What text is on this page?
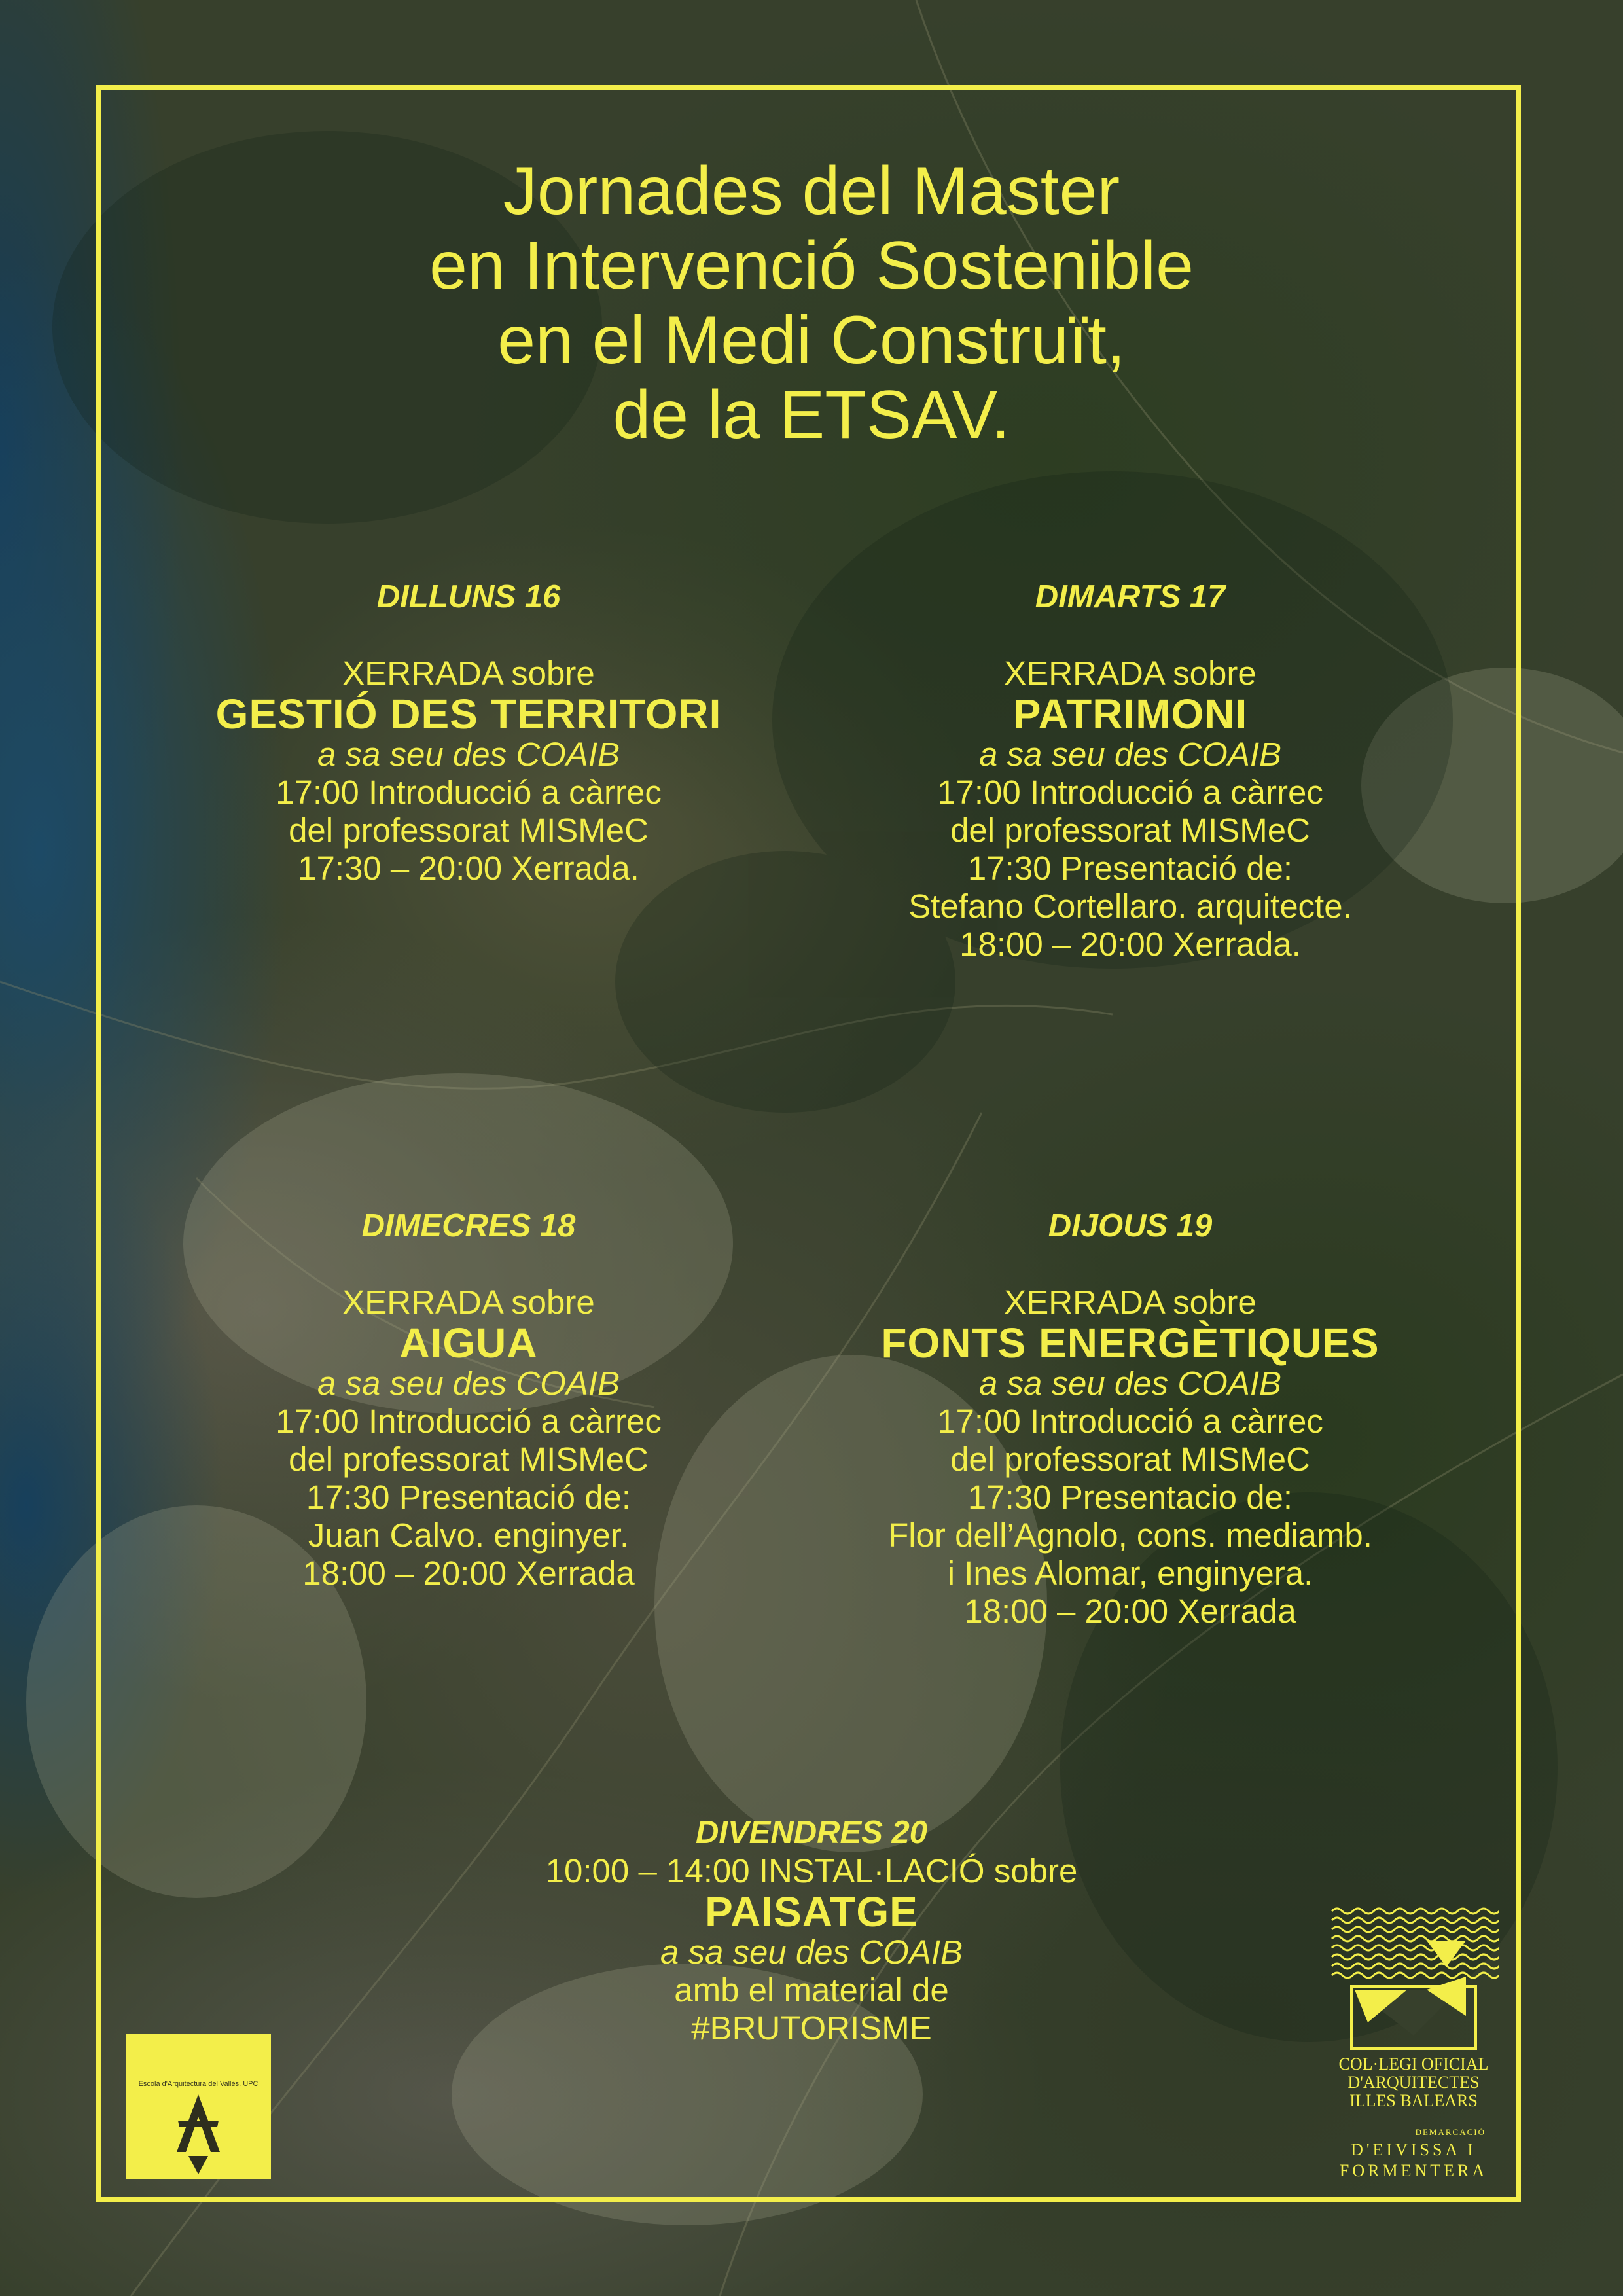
Jornades del Master
en Intervenció Sostenible
en el Medi Construït,
de la ETSAV.
DILLUNS 16
XERRADA sobre
GESTIÓ DES TERRITORI
a sa seu des COAIB
17:00 Introducció a càrrec
del professorat MISMeC
17:30 – 20:00 Xerrada.
DIMARTS 17
XERRADA sobre
PATRIMONI
a sa seu des COAIB
17:00 Introducció a càrrec
del professorat MISMeC
17:30 Presentació de:
Stefano Cortellaro. arquitecte.
18:00 – 20:00 Xerrada.
DIMECRES 18
XERRADA sobre
AIGUA
a sa seu des COAIB
17:00 Introducció a càrrec
del professorat MISMeC
17:30 Presentació de:
Juan Calvo. enginyer.
18:00 – 20:00 Xerrada
DIJOUS 19
XERRADA sobre
FONTS ENERGÈTIQUES
a sa seu des COAIB
17:00 Introducció a càrrec
del professorat MISMeC
17:30 Presentacio de:
Flor dell’Agnolo, cons. mediamb.
i Ines Alomar, enginyera.
18:00 – 20:00 Xerrada
DIVENDRES 20
10:00 – 14:00 INSTAL·LACIÓ sobre
PAISATGE
a sa seu des COAIB
amb el material de
#BRUTORISME
Escola d'Arquitectura del Vallès. UPC
COL·LEGI OFICIAL
D'ARQUITECTES
ILLES BALEARS
DEMARCACIÓ
D'EIVISSA I
FORMENTERA
